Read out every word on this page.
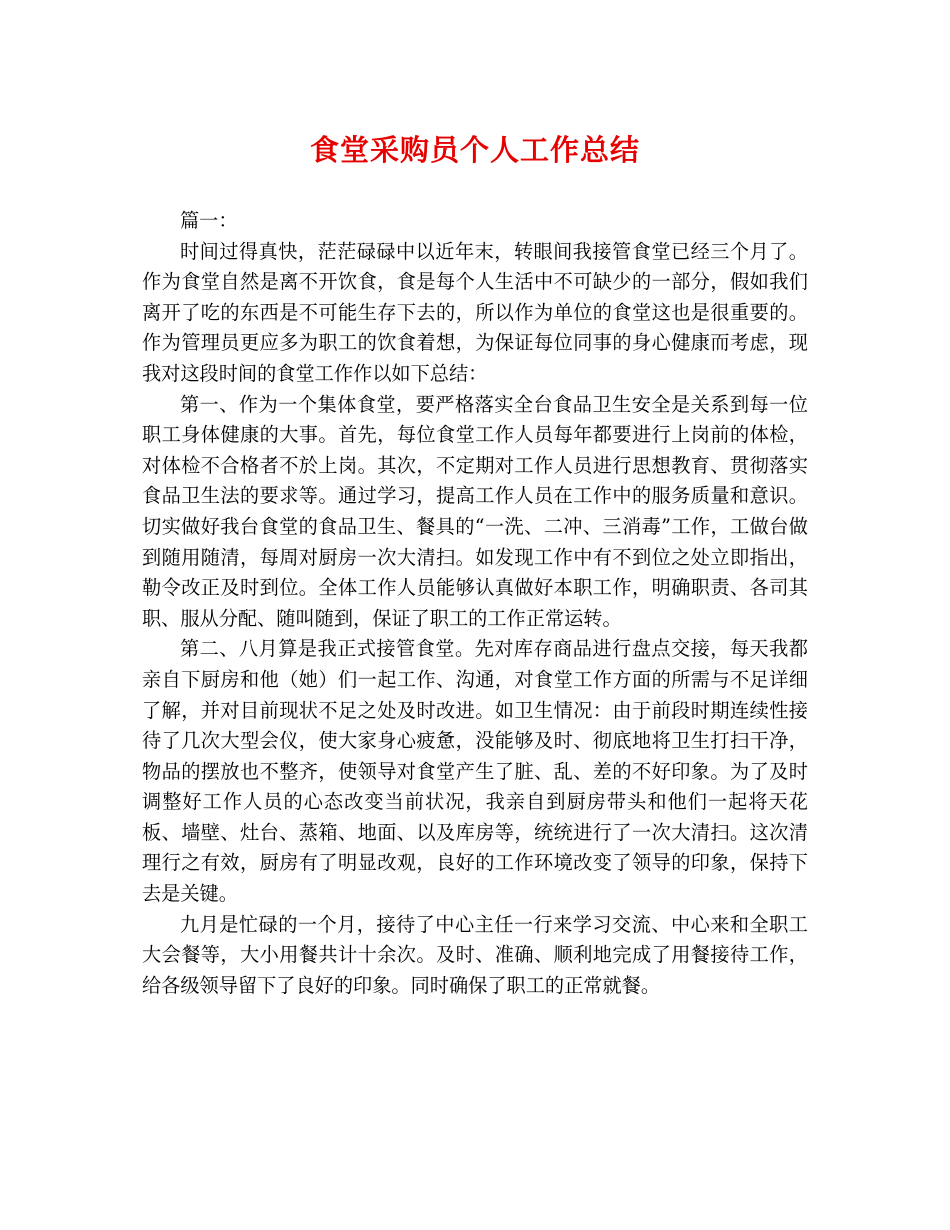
食堂采购员个人工作总结

篇一：

时间过得真快，茫茫碌碌中以近年末，转眼间我接管食堂已经三个月了。作为食堂自然是离不开饮食，食是每个人生活中不可缺少的一部分，假如我们离开了吃的东西是不可能生存下去的，所以作为单位的食堂这也是很重要的。作为管理员更应多为职工的饮食着想，为保证每位同事的身心健康而考虑，现我对这段时间的食堂工作作以如下总结：

第一、作为一个集体食堂，要严格落实全台食品卫生安全是关系到每一位职工身体健康的大事。首先，每位食堂工作人员每年都要进行上岗前的体检，对体检不合格者不於上岗。其次，不定期对工作人员进行思想教育、贯彻落实食品卫生法的要求等。通过学习，提高工作人员在工作中的服务质量和意识。切实做好我台食堂的食品卫生、餐具的“一洗、二冲、三消毒”工作，工做台做到随用随清，每周对厨房一次大清扫。如发现工作中有不到位之处立即指出，勒令改正及时到位。全体工作人员能够认真做好本职工作，明确职责、各司其职、服从分配、随叫随到，保证了职工的工作正常运转。

第二、八月算是我正式接管食堂。先对库存商品进行盘点交接，每天我都亲自下厨房和他（她）们一起工作、沟通，对食堂工作方面的所需与不足详细了解，并对目前现状不足之处及时改进。如卫生情况：由于前段时期连续性接待了几次大型会仪，使大家身心疲惫，没能够及时、彻底地将卫生打扫干净，物品的摆放也不整齐，使领导对食堂产生了脏、乱、差的不好印象。为了及时调整好工作人员的心态改变当前状况，我亲自到厨房带头和他们一起将天花板、墙壁、灶台、蒸箱、地面、以及库房等，统统进行了一次大清扫。这次清理行之有效，厨房有了明显改观，良好的工作环境改变了领导的印象，保持下去是关键。

九月是忙碌的一个月，接待了中心主任一行来学习交流、中心来和全职工大会餐等，大小用餐共计十余次。及时、准确、顺利地完成了用餐接待工作，给各级领导留下了良好的印象。同时确保了职工的正常就餐。
